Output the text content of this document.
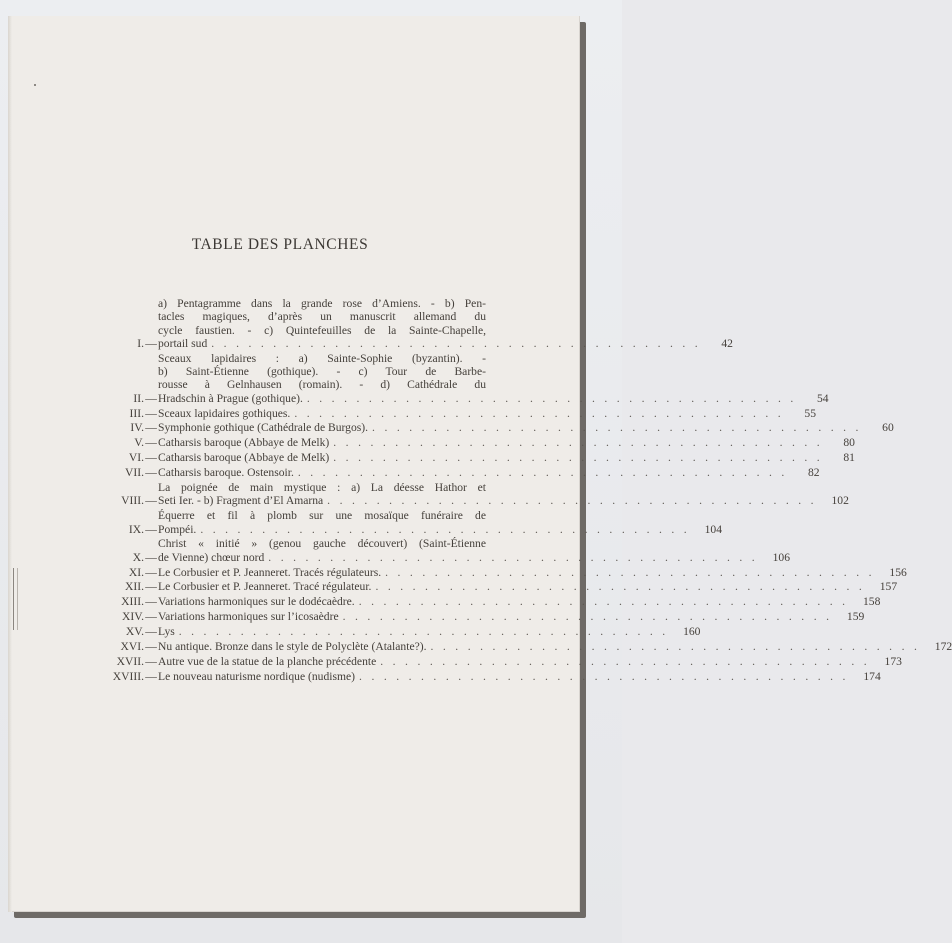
TABLE DES PLANCHES
I. —
a) Pentagramme dans la grande rose d’Amiens. - b) Pen-
tacles magiques, d’après un manuscrit allemand du
cycle faustien. - c) Quintefeuilles de la Sainte-Chapelle,
portail sud . . . . . . . . . . . . . . . . . . . . . . . . . . . . . . . . . . . . . . . .	42
II. —
Sceaux lapidaires : a) Sainte-Sophie (byzantin). -
b) Saint-Étienne (gothique). - c) Tour de Barbe-
rousse à Gelnhausen (romain). - d) Cathédrale du
Hradschin à Prague (gothique). . . . . . . . . . . . . . . . . . . . . . . . . . . . . . . . . . . . . . . . .	54
III. — Sceaux lapidaires gothiques. . . . . . . . . . . . . . . . . . . . . . . . . . . . . . . . . . . . . . . . .	55
IV. — Symphonie gothique (Cathédrale de Burgos). . . . . . . . . . . . . . . . . . . . . . . . . . . . . . . . . . . . . . . . .	60
V. — Catharsis baroque (Abbaye de Melk) . . . . . . . . . . . . . . . . . . . . . . . . . . . . . . . . . . . . . . . .	80
VI. — Catharsis baroque (Abbaye de Melk) . . . . . . . . . . . . . . . . . . . . . . . . . . . . . . . . . . . . . . . .	81
VII. — Catharsis baroque. Ostensoir. . . . . . . . . . . . . . . . . . . . . . . . . . . . . . . . . . . . . . . . .	82
VIII. —
La poignée de main mystique : a) La déesse Hathor et
Seti Ier. - b) Fragment d’El Amarna . . . . . . . . . . . . . . . . . . . . . . . . . . . . . . . . . . . . . . . .	102
IX. —
Équerre et fil à plomb sur une mosaïque funéraire de
Pompéi. . . . . . . . . . . . . . . . . . . . . . . . . . . . . . . . . . . . . . . . .	104
X. —
Christ « initié » (genou gauche découvert) (Saint-Étienne
de Vienne) chœur nord . . . . . . . . . . . . . . . . . . . . . . . . . . . . . . . . . . . . . . . .	106
XI. — Le Corbusier et P. Jeanneret. Tracés régulateurs. . . . . . . . . . . . . . . . . . . . . . . . . . . . . . . . . . . . . . . . .	156
XII. — Le Corbusier et P. Jeanneret. Tracé régulateur. . . . . . . . . . . . . . . . . . . . . . . . . . . . . . . . . . . . . . . . .	157
XIII. — Variations harmoniques sur le dodécaèdre. . . . . . . . . . . . . . . . . . . . . . . . . . . . . . . . . . . . . . . . .	158
XIV. — Variations harmoniques sur l’icosaèdre . . . . . . . . . . . . . . . . . . . . . . . . . . . . . . . . . . . . . . . .	159
XV. — Lys . . . . . . . . . . . . . . . . . . . . . . . . . . . . . . . . . . . . . . . .	160
XVI. — Nu antique. Bronze dans le style de Polyclète (Atalante?). . . . . . . . . . . . . . . . . . . . . . . . . . . . . . . . . . . . . . . . .	172
XVII. — Autre vue de la statue de la planche précédente . . . . . . . . . . . . . . . . . . . . . . . . . . . . . . . . . . . . . . . .	173
XVIII. — Le nouveau naturisme nordique (nudisme) . . . . . . . . . . . . . . . . . . . . . . . . . . . . . . . . . . . . . . . .	174
